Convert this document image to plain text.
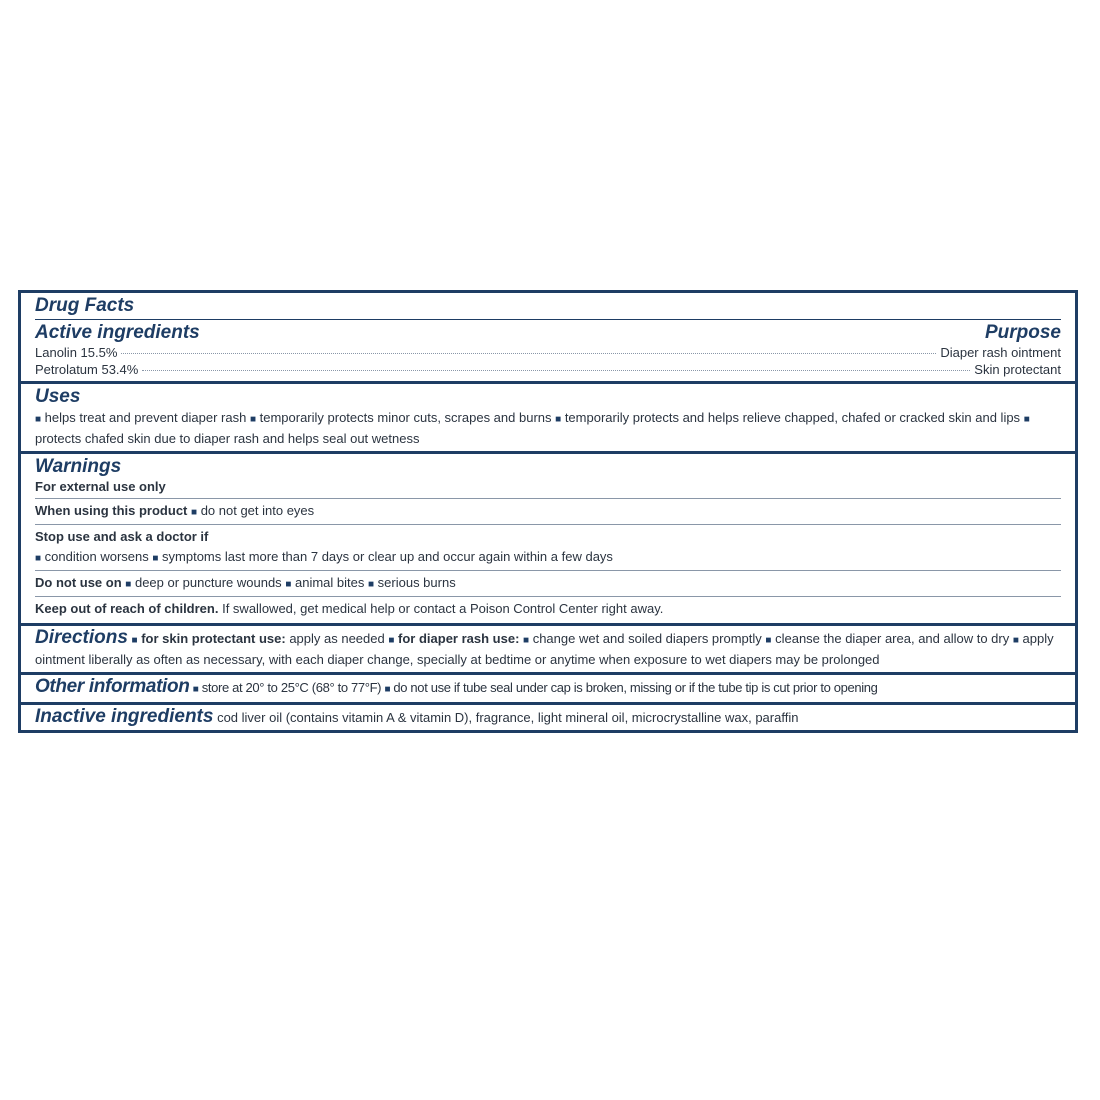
Drug Facts
Active ingredients	Purpose
Lanolin 15.5%	Diaper rash ointment
Petrolatum 53.4%	Skin protectant
Uses
■ helps treat and prevent diaper rash ■ temporarily protects minor cuts, scrapes and burns ■ temporarily protects and helps relieve chapped, chafed or cracked skin and lips ■ protects chafed skin due to diaper rash and helps seal out wetness
Warnings
For external use only
When using this product ■ do not get into eyes
Stop use and ask a doctor if
■ condition worsens ■ symptoms last more than 7 days or clear up and occur again within a few days
Do not use on ■ deep or puncture wounds ■ animal bites ■ serious burns
Keep out of reach of children. If swallowed, get medical help or contact a Poison Control Center right away.
Directions ■ for skin protectant use: apply as needed ■ for diaper rash use: ■ change wet and soiled diapers promptly ■ cleanse the diaper area, and allow to dry ■ apply ointment liberally as often as necessary, with each diaper change, specially at bedtime or anytime when exposure to wet diapers may be prolonged
Other information ■ store at 20° to 25°C (68° to 77°F) ■ do not use if tube seal under cap is broken, missing or if the tube tip is cut prior to opening
Inactive ingredients cod liver oil (contains vitamin A & vitamin D), fragrance, light mineral oil, microcrystalline wax, paraffin
